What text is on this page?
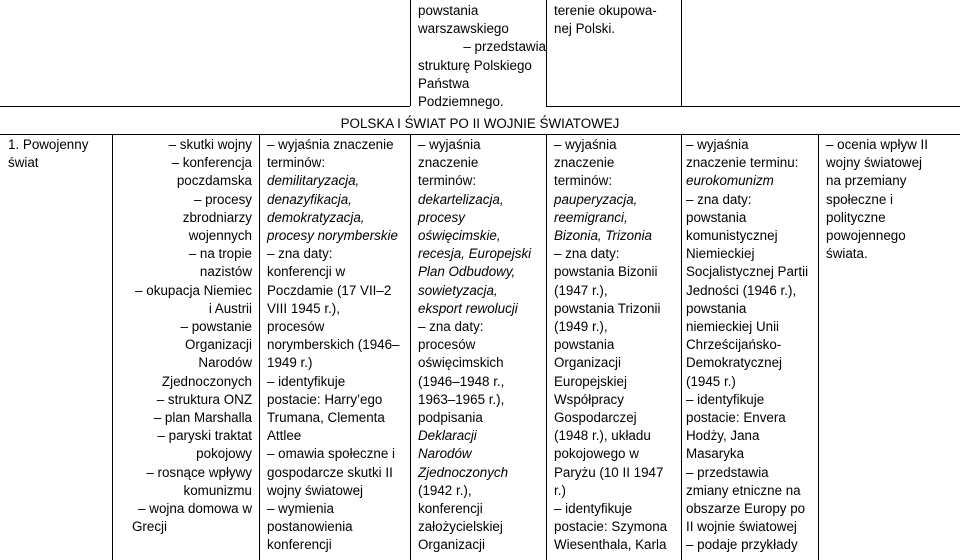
powstania
warszawskiego
– przedstawia
strukturę Polskiego
Państwa
Podziemnego.
terenie okupowa-
nej Polski.
POLSKA I ŚWIAT PO II WOJNIE ŚWIATOWEJ
1. Powojenny
świat
– skutki wojny
– konferencja
poczdamska
– procesy
zbrodniarzy
wojennych
– na tropie
nazistów
– okupacja Niemiec
i Austrii
– powstanie
Organizacji
Narodów
Zjednoczonych
– struktura ONZ
– plan Marshalla
– paryski traktat
pokojowy
– rosnące wpływy
komunizmu
– wojna domowa w
Grecji
– wyjaśnia znaczenie
terminów:
demilitaryzacja,
denazyfikacja,
demokratyzacja,
procesy norymberskie
– zna daty:
konferencji w
Poczdamie (17 VII–2
VIII 1945 r.),
procesów
norymberskich (1946–
1949 r.)
– identyfikuje
postacie: Harry’ego
Trumana, Clementa
Attlee
– omawia społeczne i
gospodarcze skutki II
wojny światowej
– wymienia
postanowienia
konferencji
– wyjaśnia
znaczenie
terminów:
dekartelizacja,
procesy
oświęcimskie,
recesja, Europejski
Plan Odbudowy,
sowietyzacja,
eksport rewolucji
– zna daty:
procesów
oświęcimskich
(1946–1948 r.,
1963–1965 r.),
podpisania
Deklaracji
Narodów
Zjednoczonych
(1942 r.),
konferencji
założycielskiej
Organizacji
– wyjaśnia
znaczenie
terminów:
pauperyzacja,
reemigranci,
Bizonia, Trizonia
– zna daty:
powstania Bizonii
(1947 r.),
powstania Trizonii
(1949 r.),
powstania
Organizacji
Europejskiej
Współpracy
Gospodarczej
(1948 r.), układu
pokojowego w
Paryżu (10 II 1947
r.)
– identyfikuje
postacie: Szymona
Wiesenthala, Karla
– wyjaśnia
znaczenie terminu:
eurokomunizm
– zna daty:
powstania
komunistycznej
Niemieckiej
Socjalistycznej Partii
Jedności (1946 r.),
powstania
niemieckiej Unii
Chrześcijańsko-
Demokratycznej
(1945 r.)
– identyfikuje
postacie: Envera
Hodży, Jana
Masaryka
– przedstawia
zmiany etniczne na
obszarze Europy po
II wojnie światowej
– podaje przykłady
– ocenia wpływ II
wojny światowej
na przemiany
społeczne i
polityczne
powojennego
świata.
